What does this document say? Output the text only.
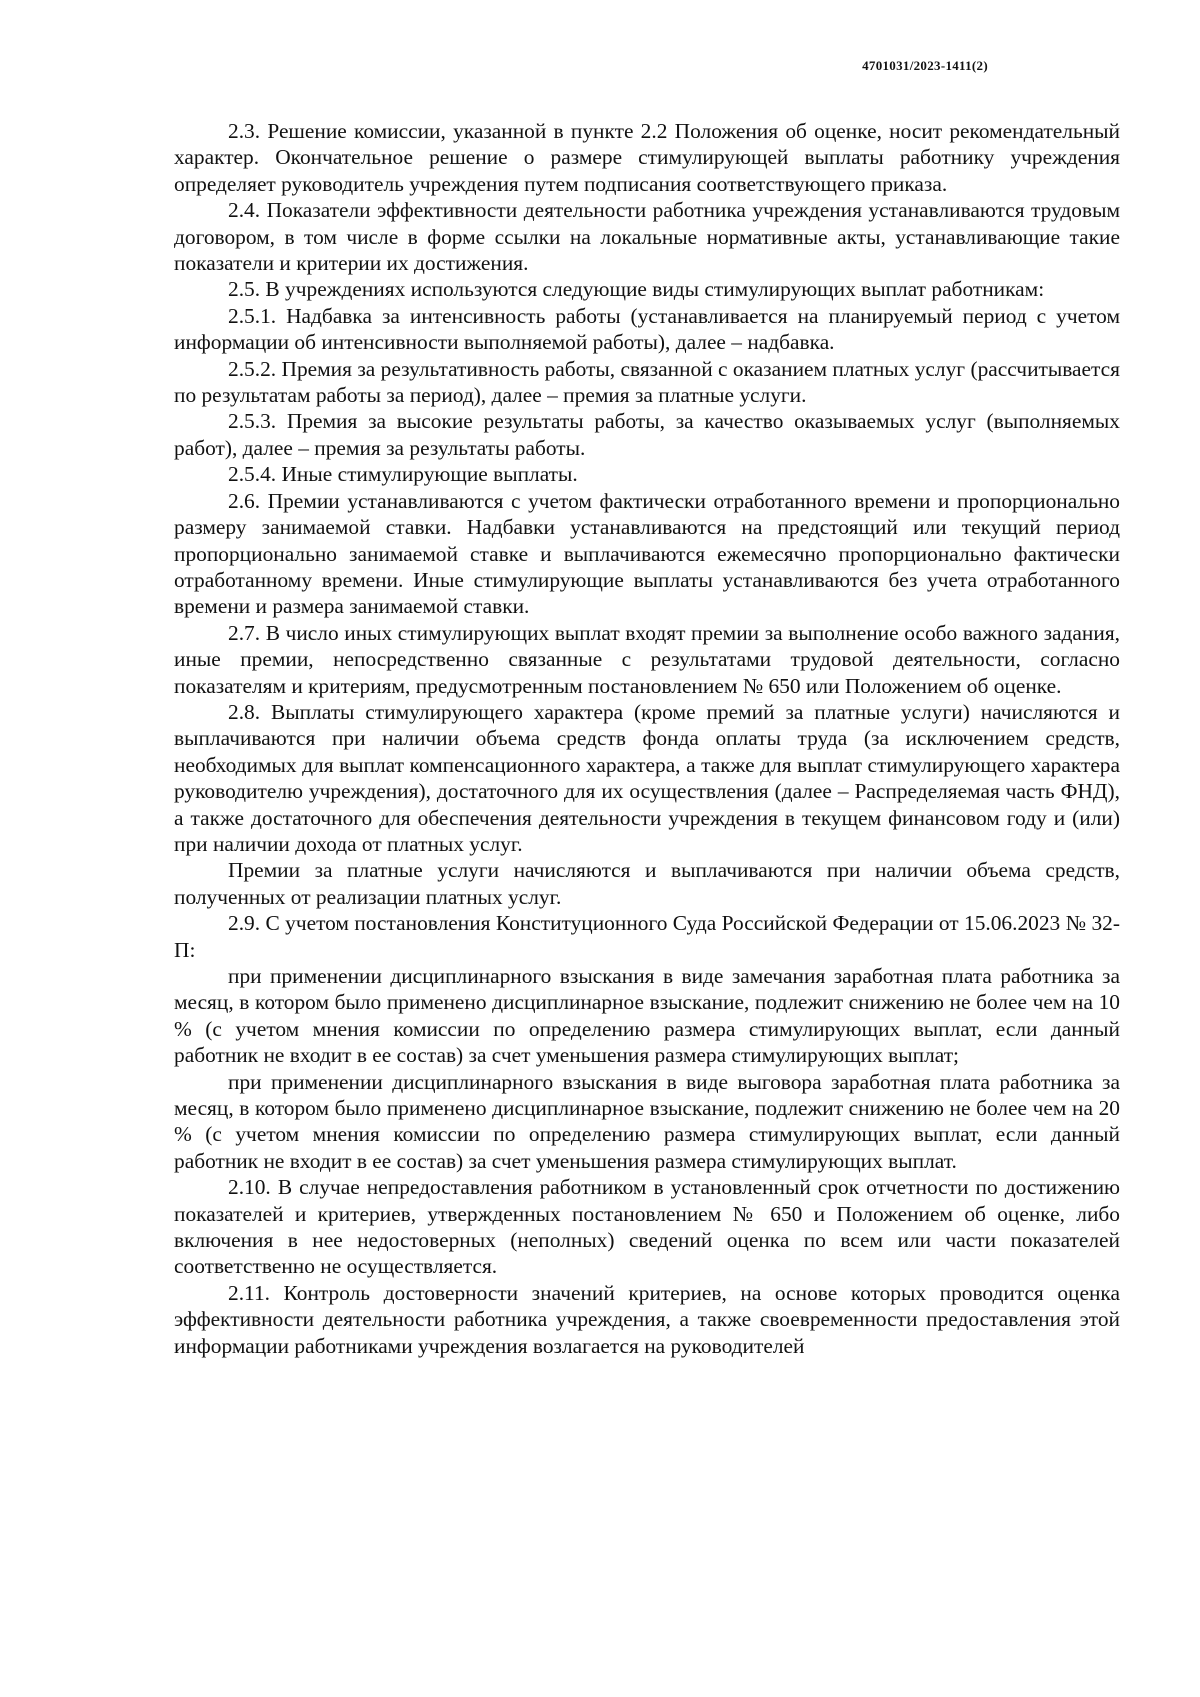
4701031/2023-1411(2)

2.3. Решение комиссии, указанной в пункте 2.2 Положения об оценке, носит рекомендательный характер. Окончательное решение о размере стимулирующей выплаты работнику учреждения определяет руководитель учреждения путем подписания соответствующего приказа.

2.4. Показатели эффективности деятельности работника учреждения устанавливаются трудовым договором, в том числе в форме ссылки на локальные нормативные акты, устанавливающие такие показатели и критерии их достижения.

2.5. В учреждениях используются следующие виды стимулирующих выплат работникам:

2.5.1. Надбавка за интенсивность работы (устанавливается на планируемый период с учетом информации об интенсивности выполняемой работы), далее – надбавка.

2.5.2. Премия за результативность работы, связанной с оказанием платных услуг (рассчитывается по результатам работы за период), далее – премия за платные услуги.

2.5.3. Премия за высокие результаты работы, за качество оказываемых услуг (выполняемых работ), далее – премия за результаты работы.

2.5.4. Иные стимулирующие выплаты.

2.6. Премии устанавливаются с учетом фактически отработанного времени и пропорционально размеру занимаемой ставки. Надбавки устанавливаются на предстоящий или текущий период пропорционально занимаемой ставке и выплачиваются ежемесячно пропорционально фактически отработанному времени. Иные стимулирующие выплаты устанавливаются без учета отработанного времени и размера занимаемой ставки.

2.7. В число иных стимулирующих выплат входят премии за выполнение особо важного задания, иные премии, непосредственно связанные с результатами трудовой деятельности, согласно показателям и критериям, предусмотренным постановлением № 650 или Положением об оценке.

2.8. Выплаты стимулирующего характера (кроме премий за платные услуги) начисляются и выплачиваются при наличии объема средств фонда оплаты труда (за исключением средств, необходимых для выплат компенсационного характера, а также для выплат стимулирующего характера руководителю учреждения), достаточного для их осуществления (далее – Распределяемая часть ФНД), а также достаточного для обеспечения деятельности учреждения в текущем финансовом году и (или) при наличии дохода от платных услуг.

Премии за платные услуги начисляются и выплачиваются при наличии объема средств, полученных от реализации платных услуг.

2.9. С учетом постановления Конституционного Суда Российской Федерации от 15.06.2023 № 32-П:

при применении дисциплинарного взыскания в виде замечания заработная плата работника за месяц, в котором было применено дисциплинарное взыскание, подлежит снижению не более чем на 10 % (с учетом мнения комиссии по определению размера стимулирующих выплат, если данный работник не входит в ее состав) за счет уменьшения размера стимулирующих выплат;

при применении дисциплинарного взыскания в виде выговора заработная плата работника за месяц, в котором было применено дисциплинарное взыскание, подлежит снижению не более чем на 20 % (с учетом мнения комиссии по определению размера стимулирующих выплат, если данный работник не входит в ее состав) за счет уменьшения размера стимулирующих выплат.

2.10. В случае непредоставления работником в установленный срок отчетности по достижению показателей и критериев, утвержденных постановлением № 650 и Положением об оценке, либо включения в нее недостоверных (неполных) сведений оценка по всем или части показателей соответственно не осуществляется.

2.11. Контроль достоверности значений критериев, на основе которых проводится оценка эффективности деятельности работника учреждения, а также своевременности предоставления этой информации работниками учреждения возлагается на руководителей
